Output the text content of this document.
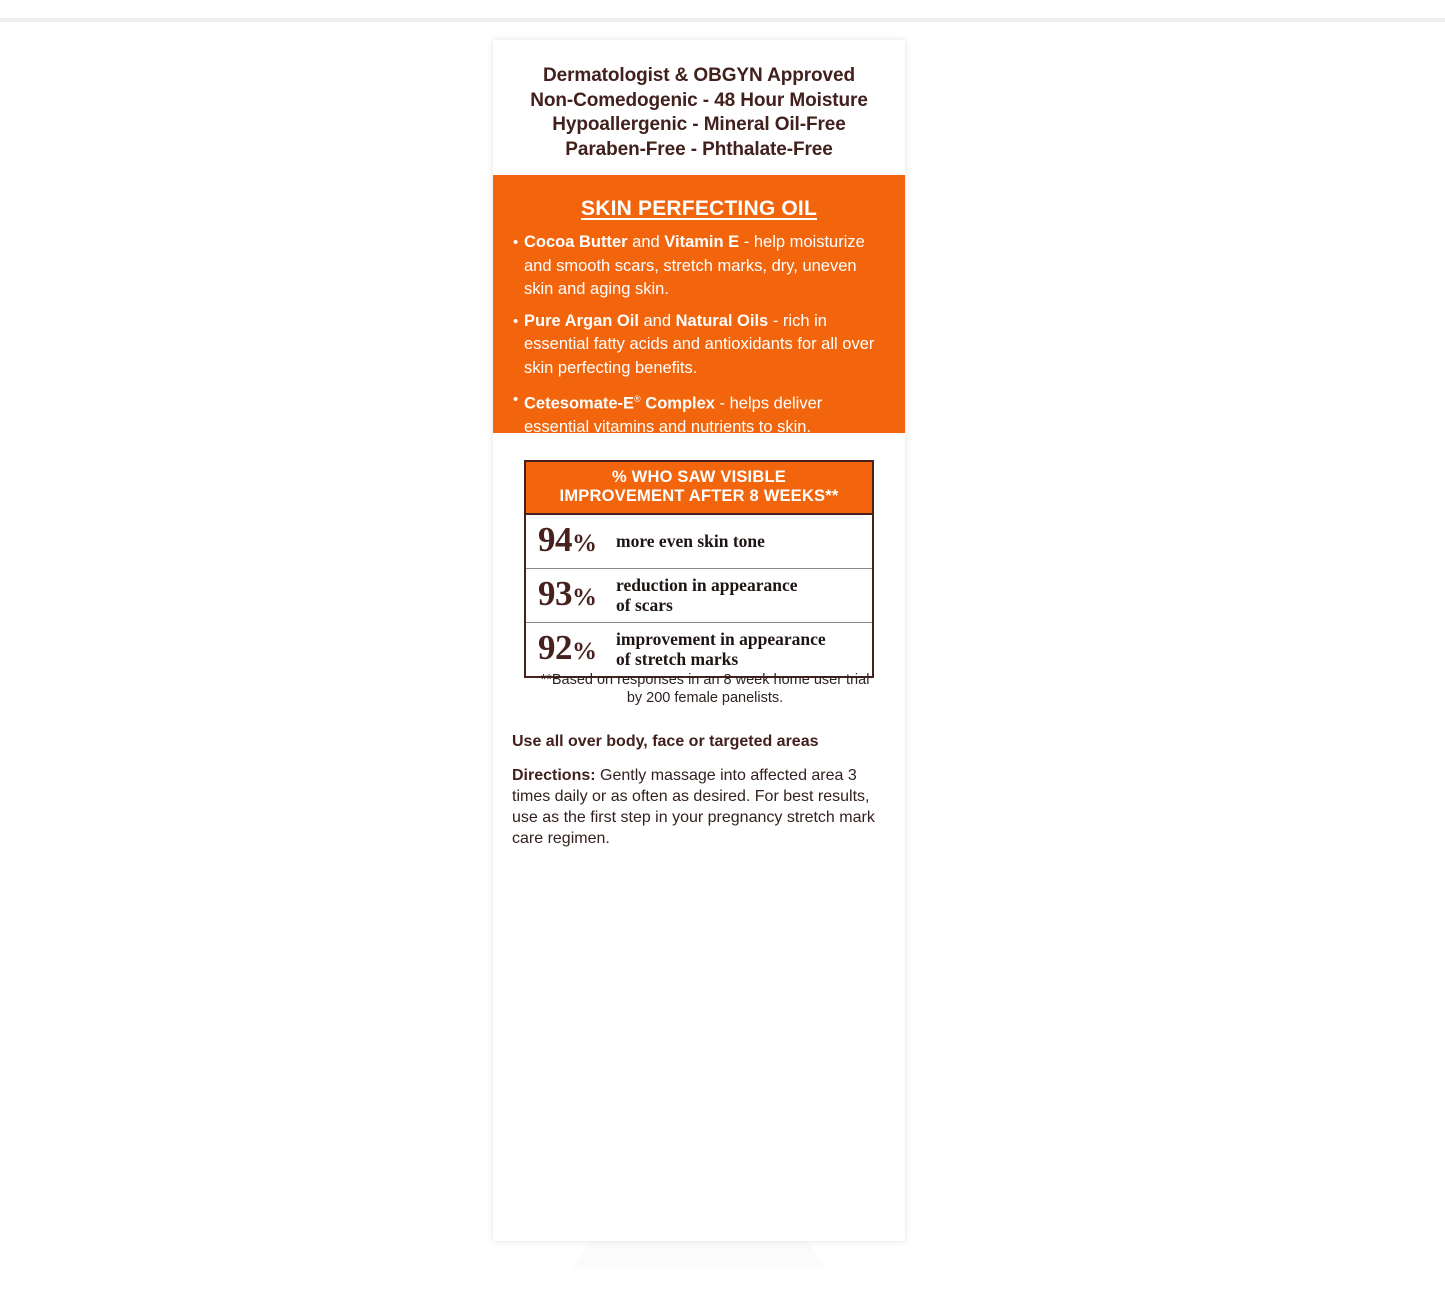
Dermatologist & OBGYN Approved
Non-Comedogenic - 48 Hour Moisture
Hypoallergenic - Mineral Oil-Free
Paraben-Free - Phthalate-Free
SKIN PERFECTING OIL
• Cocoa Butter and Vitamin E - help moisturize and smooth scars, stretch marks, dry, uneven skin and aging skin.
• Pure Argan Oil and Natural Oils - rich in essential fatty acids and antioxidants for all over skin perfecting benefits.
• Cetesomate-E® Complex - helps deliver essential vitamins and nutrients to skin.
% WHO SAW VISIBLE
IMPROVEMENT AFTER 8 WEEKS**
94%	more even skin tone
93%	reduction in appearance
of scars
92%	improvement in appearance
of stretch marks
**Based on responses in an 8 week home user trial
by 200 female panelists.
Use all over body, face or targeted areas
Directions: Gently massage into affected area 3 times daily or as often as desired. For best results, use as the first step in your pregnancy stretch mark care regimen.
